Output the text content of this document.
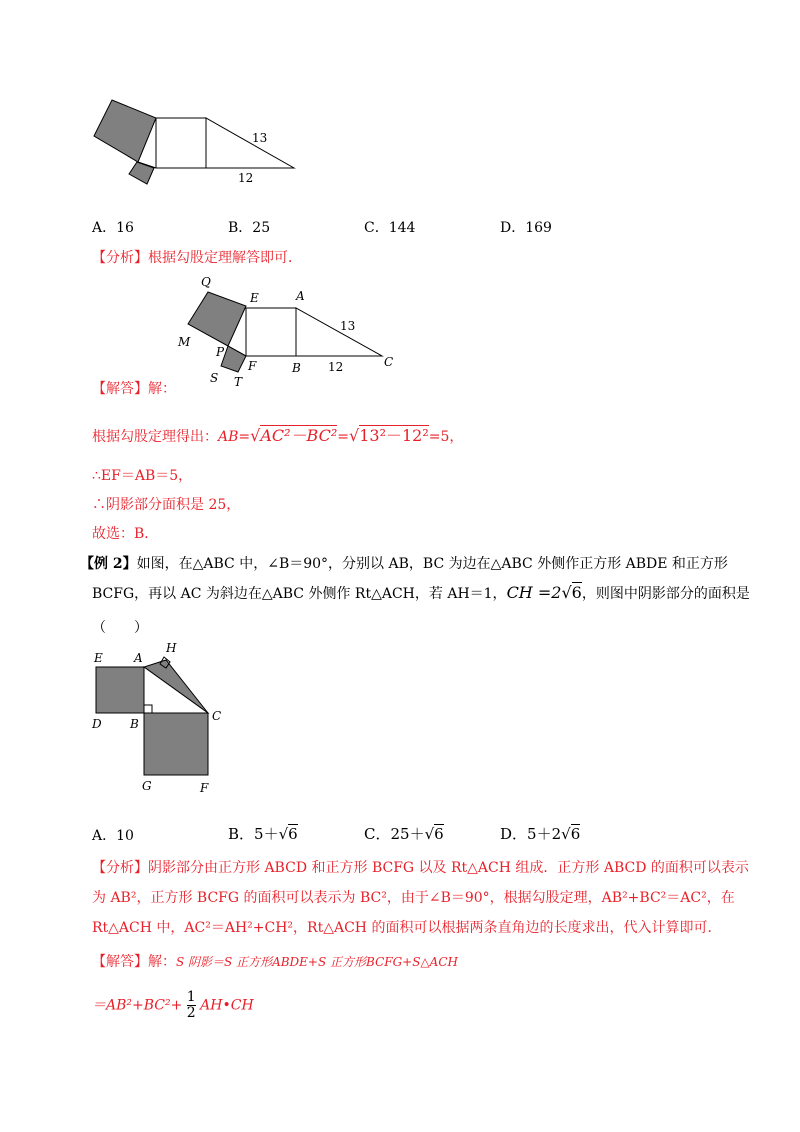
13
12
A．16	B．25	C．144	D．169
【分析】根据勾股定理解答即可．
Q
E	A
M
P
F	B	C
S T
13
12
【解答】解：
根据勾股定理得出：AB=√AC²－BC²=√13²－12²=5，
∴EF＝AB＝5，
∴阴影部分面积是 25，
故选：B．
【例 2】如图，在△ABC 中，∠B＝90°，分别以 AB，BC 为边在△ABC 外侧作正方形 ABDE 和正方形
BCFG，再以 AC 为斜边在△ABC 外侧作 Rt△ACH，若 AH＝1，CH =2√6，则图中阴影部分的面积是
（　　）
E	A
H
D B
C
G	F
A．10	B．5＋√6	C．25＋√6	D．5＋2√6
【分析】阴影部分由正方形 ABCD 和正方形 BCFG 以及 Rt△ACH 组成．正方形 ABCD 的面积可以表示
为 AB²，正方形 BCFG 的面积可以表示为 BC²，由于∠B＝90°，根据勾股定理，AB²+BC²＝AC²，在
Rt△ACH 中，AC²＝AH²+CH²，Rt△ACH 的面积可以根据两条直角边的长度求出，代入计算即可．
【解答】解：S 阴影＝S 正方形ABDE+S 正方形BCFG+S△ACH
$=AB^2+BC^2+ \frac{1}{2}$ AH•CH
